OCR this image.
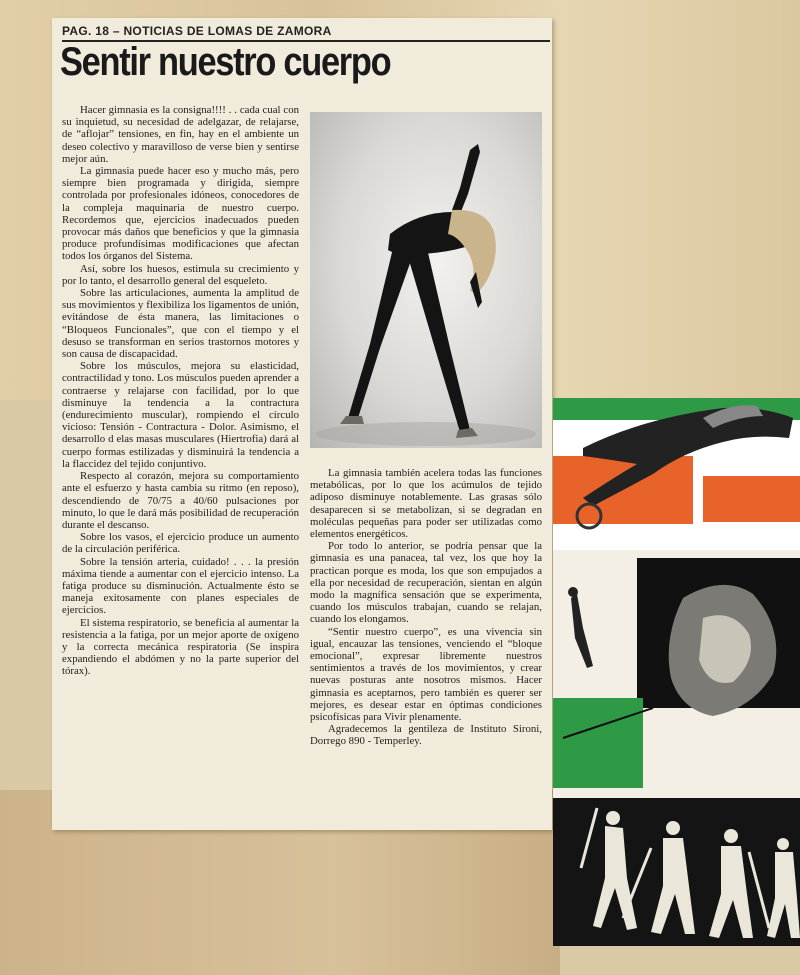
PAG. 18 – NOTICIAS DE LOMAS DE ZAMORA
Sentir nuestro cuerpo

Hacer gimnasia es la consigna!!!! . . cada cual con su inquietud, su necesidad de adelgazar, de relajarse, de “aflojar” tensiones, en fin, hay en el ambiente un deseo colectivo y maravilloso de verse bien y sentirse mejor aún.

La gimnasia puede hacer eso y mucho más, pero siempre bien programada y dirigida, siempre controlada por profesionales idóneos, conocedores de la compleja maquinaria de nuestro cuerpo. Recordemos que, ejercicios inadecuados pueden provocar más daños que beneficios y que la gimnasia produce profundísimas modificaciones que afectan todos los órganos del Sistema.

Así, sobre los huesos, estimula su crecimiento y por lo tanto, el desarrollo general del esqueleto.

Sobre las articulaciones, aumenta la amplitud de sus movimientos y flexibiliza los ligamentos de unión, evitándose de ésta manera, las limitaciones o “Bloqueos Funcionales”, que con el tiempo y el desuso se transforman en serios trastornos motores y son causa de discapacidad.

Sobre los músculos, mejora su elasticidad, contractilidad y tono. Los músculos pueden aprender a contraerse y relajarse con facilidad, por lo que disminuye la tendencia a la contractura (endurecimiento muscular), rompiendo el círculo vicioso: Tensión - Contractura - Dolor. Asimismo, el desarrollo d elas masas musculares (Hiertrofia) dará al cuerpo formas estilizadas y disminuirá la tendencia a la flaccidez del tejido conjuntivo.

Respecto al corazón, mejora su comportamiento ante el esfuerzo y hasta cambia su ritmo (en reposo), descendiendo de 70/75 a 40/60 pulsaciones por minuto, lo que le dará más posibilidad de recuperación durante el descanso.

Sobre los vasos, el ejercicio produce un aumento de la circulación periférica.

Sobre la tensión arteria, cuidado! . . . la presión máxima tiende a aumentar con el ejercicio intenso. La fatiga produce su disminución. Actualmente ésto se maneja exitosamente con planes especiales de ejercicios.

El sistema respiratorio, se beneficia al aumentar la resistencia a la fatiga, por un mejor aporte de oxígeno y la correcta mecánica respiratoria (Se inspira expandiendo el abdómen y no la parte superior del tórax).

La gimnasia también acelera todas las funciones metabólicas, por lo que los acúmulos de tejido adiposo disminuye notablemente. Las grasas sólo desaparecen si se metabolizan, si se degradan en moléculas pequeñas para poder ser utilizadas como elementos energéticos.

Por todo lo anterior, se podría pensar que la gimnasia es una panacea, tal vez, los que hoy la practican porque es moda, los que son empujados a ella por necesidad de recuperación, sientan en algún modo la magnífica sensación que se experimenta, cuando los músculos trabajan, cuando se relajan, cuando los elongamos.

“Sentir nuestro cuerpo”, es una vivencia sin igual, encauzar las tensiones, venciendo el “bloque emocional”, expresar libremente nuestros sentimientos a través de los movimientos, y crear nuevas posturas ante nosotros mismos. Hacer gimnasia es aceptarnos, pero también es querer ser mejores, es desear estar en óptimas condiciones psicofísicas para Vivir plenamente.

Agradecemos la gentileza de Instituto Sironi, Dorrego 890 - Temperley.
